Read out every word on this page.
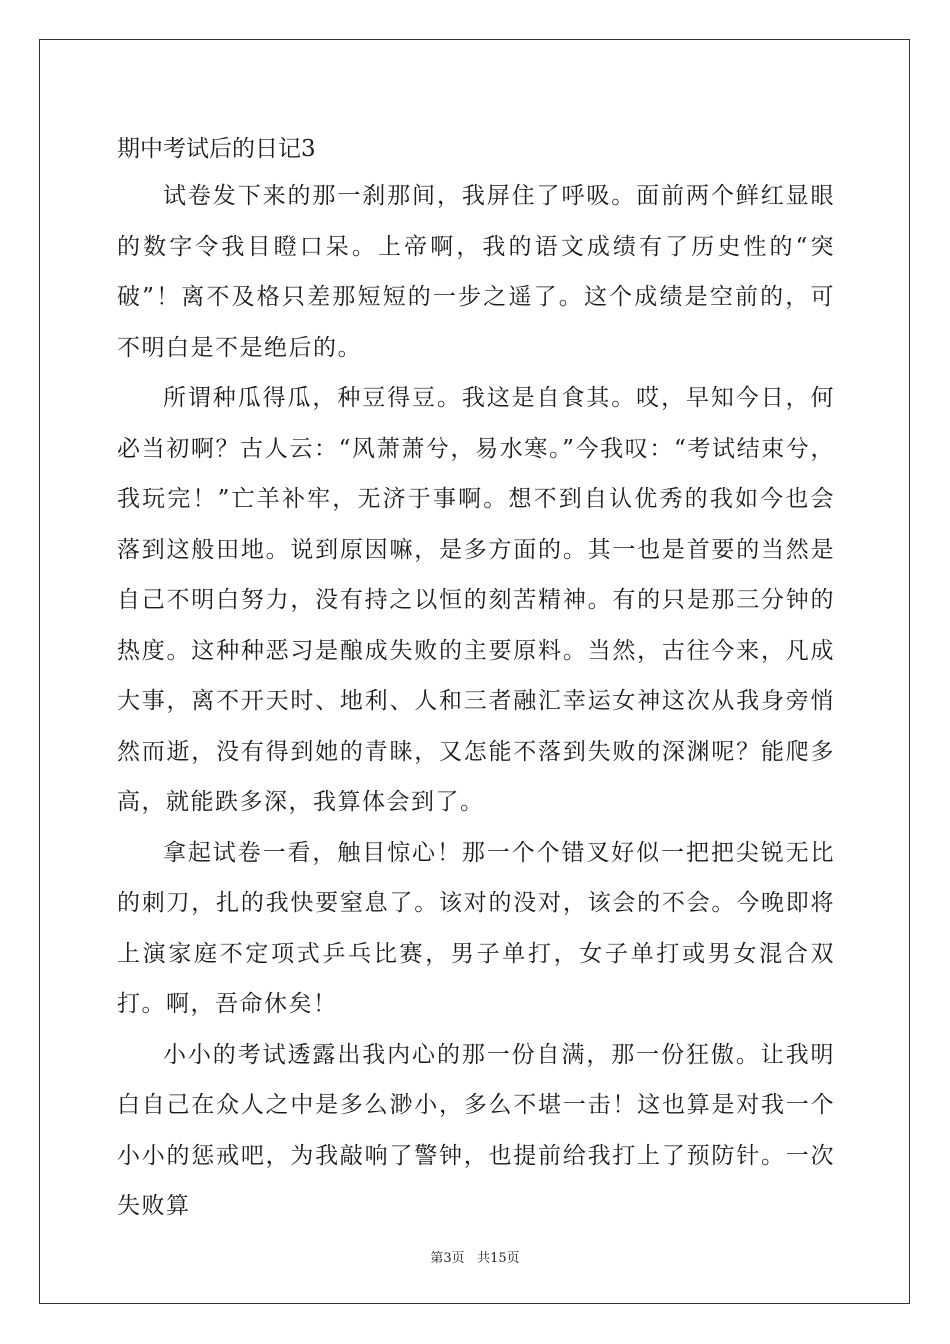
期中考试后的日记3

试卷发下来的那一刹那间，我屏住了呼吸。面前两个鲜红显眼的数字令我目瞪口呆。上帝啊，我的语文成绩有了历史性的“突破”！离不及格只差那短短的一步之遥了。这个成绩是空前的，可不明白是不是绝后的。

所谓种瓜得瓜，种豆得豆。我这是自食其。哎，早知今日，何必当初啊？古人云：“风萧萧兮，易水寒。”今我叹：“考试结束兮，我玩完！”亡羊补牢，无济于事啊。想不到自认优秀的我如今也会落到这般田地。说到原因嘛，是多方面的。其一也是首要的当然是自己不明白努力，没有持之以恒的刻苦精神。有的只是那三分钟的热度。这种种恶习是酿成失败的主要原料。当然，古往今来，凡成大事，离不开天时、地利、人和三者融汇幸运女神这次从我身旁悄然而逝，没有得到她的青睐，又怎能不落到失败的深渊呢？能爬多高，就能跌多深，我算体会到了。

拿起试卷一看，触目惊心！那一个个错叉好似一把把尖锐无比的刺刀，扎的我快要窒息了。该对的没对，该会的不会。今晚即将上演家庭不定项式乒乓比赛，男子单打，女子单打或男女混合双打。啊，吾命休矣！

小小的考试透露出我内心的那一份自满，那一份狂傲。让我明白自己在众人之中是多么渺小，多么不堪一击！这也算是对我一个小小的惩戒吧，为我敲响了警钟，也提前给我打上了预防针。一次失败算

第3页 共15页
